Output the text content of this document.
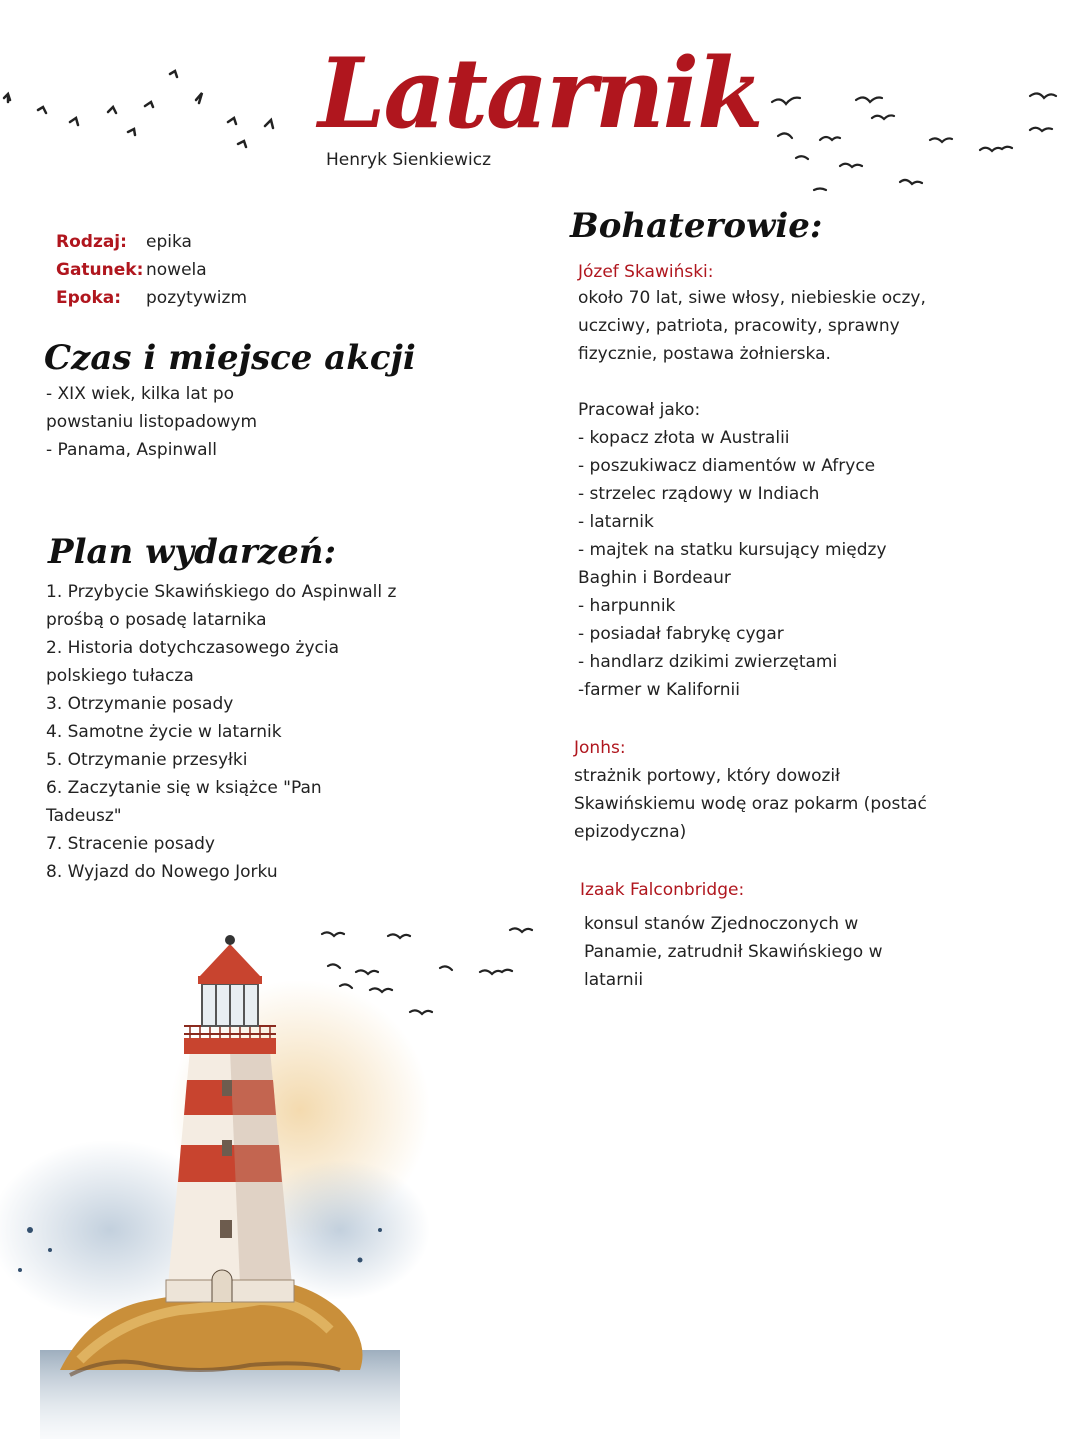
Latarnik
Henryk Sienkiewicz
Rodzaj:	epika
Gatunek: nowela
Epoka:	pozytywizm
Czas i miejsce akcji

- XIX wiek, kilka lat po

powstaniu listopadowym

- Panama, Aspinwall

Plan wydarzeń:

1. Przybycie Skawińskiego do Aspinwall z

prośbą o posadę latarnika

2. Historia dotychczasowego życia

polskiego tułacza

3. Otrzymanie posady

4. Samotne życie w latarnik

5. Otrzymanie przesyłki

6. Zaczytanie się w książce "Pan

Tadeusz"

7. Stracenie posady

8. Wyjazd do Nowego Jorku

Bohaterowie:

Józef Skawiński:

około 70 lat, siwe włosy, niebieskie oczy,

uczciwy, patriota, pracowity, sprawny

fizycznie, postawa żołnierska.

Pracował jako:

- kopacz złota w Australii

- poszukiwacz diamentów w Afryce

- strzelec rządowy w Indiach

- latarnik

- majtek na statku kursujący między

Baghin i Bordeaur

- harpunnik

- posiadał fabrykę cygar

- handlarz dzikimi zwierzętami

-farmer w Kalifornii

Jonhs:

strażnik portowy, który dowoził

Skawińskiemu wodę oraz pokarm (postać

epizodyczna)

Izaak Falconbridge:

konsul stanów Zjednoczonych w

Panamie, zatrudnił Skawińskiego w

latarnii
